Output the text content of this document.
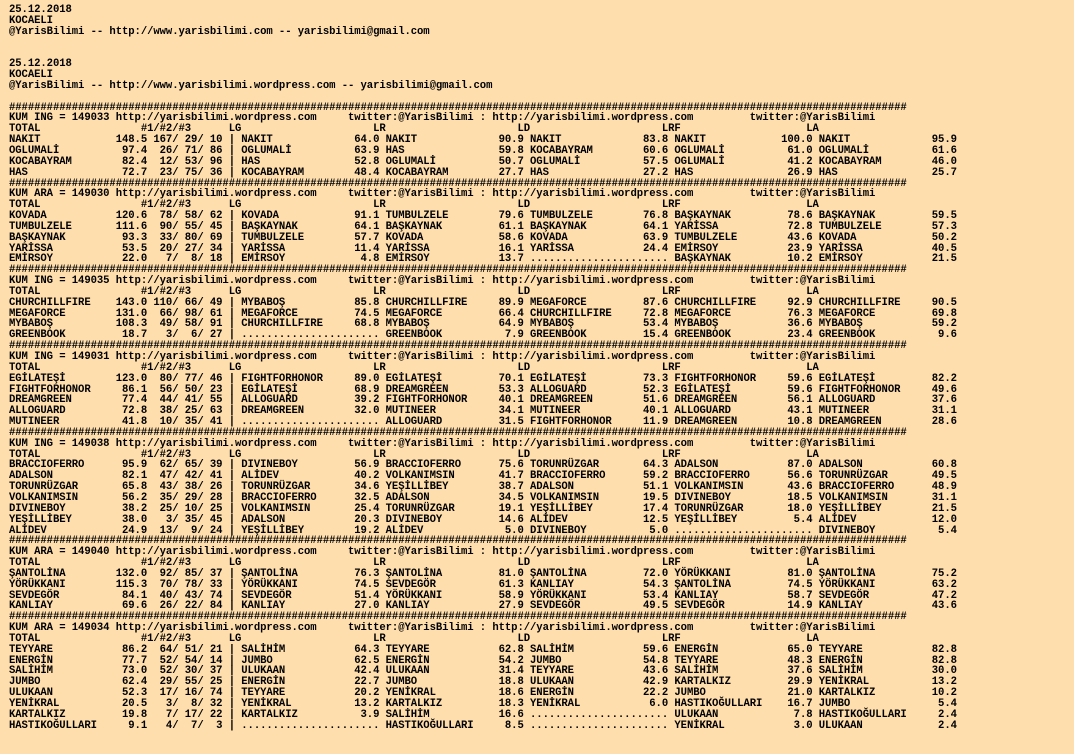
25.12.2018
KOCAELI
@YarisBilimi -- http://www.yarisbilimi.com -- yarisbilimi@gmail.com
25.12.2018
KOCAELI
@YarisBilimi -- http://www.yarisbilimi.wordpress.com -- yarisbilimi@gmail.com
###############################################################################################################################################
KUM ING = 149033 http://yarisbilimi.wordpress.com     twitter:@YarisBilimi : http://yarisbilimi.wordpress.com         twitter:@YarisBilimi
TOTAL                #1/#2/#3      LG                     LR                     LD                     LRF                    LA
NAKIT            148.5 167/ 29/ 10 | NAKIT             64.0 NAKIT             90.9 NAKIT             83.8 NAKIT            100.0 NAKIT             95.9
OGLUMALİ          97.4  26/ 71/ 86 | OGLUMALİ          63.9 HAS               59.8 KOCABAYRAM        60.6 OGLUMALİ          61.0 OGLUMALİ          61.6
KOCABAYRAM        82.4  12/ 53/ 96 | HAS               52.8 OGLUMALİ          50.7 OGLUMALİ          57.5 OGLUMALİ          41.2 KOCABAYRAM        46.0
HAS               72.7  23/ 75/ 36 | KOCABAYRAM        48.4 KOCABAYRAM        27.7 HAS               27.2 HAS               26.9 HAS               25.7
###############################################################################################################################################
KUM ARA = 149030 http://yarisbilimi.wordpress.com     twitter:@YarisBilimi : http://yarisbilimi.wordpress.com         twitter:@YarisBilimi
TOTAL                #1/#2/#3      LG                     LR                     LD                     LRF                    LA
KOVADA           120.6  78/ 58/ 62 | KOVADA            91.1 TUMBULZELE        79.6 TUMBULZELE        76.8 BAŞKAYNAK         78.6 BAŞKAYNAK         59.5
TUMBULZELE       111.6  90/ 55/ 45 | BAŞKAYNAK         64.1 BAŞKAYNAK         61.1 BAŞKAYNAK         64.1 YARİSSA           72.8 TUMBULZELE        57.3
BAŞKAYNAK         93.3  33/ 80/ 69 | TUMBULZELE        57.7 KOVADA            58.6 KOVADA            63.9 TUMBULZELE        43.6 KOVADA            50.2
YARİSSA           53.5  20/ 27/ 34 | YARİSSA           11.4 YARİSSA           16.1 YARİSSA           24.4 EMİRSOY           23.9 YARİSSA           40.5
EMİRSOY           22.0   7/  8/ 18 | EMİRSOY            4.8 EMİRSOY           13.7 ...................... BAŞKAYNAK         10.2 EMİRSOY           21.5
###############################################################################################################################################
KUM ING = 149035 http://yarisbilimi.wordpress.com     twitter:@YarisBilimi : http://yarisbilimi.wordpress.com         twitter:@YarisBilimi
TOTAL                #1/#2/#3      LG                     LR                     LD                     LRF                    LA
CHURCHILLFIRE    143.0 110/ 66/ 49 | MYBABOŞ           85.8 CHURCHILLFIRE     89.9 MEGAFORCE         87.6 CHURCHILLFIRE     92.9 CHURCHILLFIRE     90.5
MEGAFORCE        131.0  66/ 98/ 61 | MEGAFORCE         74.5 MEGAFORCE         66.4 CHURCHILLFIRE     72.8 MEGAFORCE         76.3 MEGAFORCE         69.8
MYBABOŞ          108.3  49/ 58/ 91 | CHURCHILLFIRE     68.8 MYBABOŞ           64.9 MYBABOŞ           53.4 MYBABOŞ           36.6 MYBABOŞ           59.2
GREENBOOK         18.7   3/  6/ 27 | ...................... GREENBOOK          7.9 GREENBOOK         15.4 GREENBOOK         23.4 GREENBOOK          9.6
###############################################################################################################################################
KUM ING = 149031 http://yarisbilimi.wordpress.com     twitter:@YarisBilimi : http://yarisbilimi.wordpress.com         twitter:@YarisBilimi
TOTAL                #1/#2/#3      LG                     LR                     LD                     LRF                    LA
EGİLATEŞİ        123.0  80/ 77/ 46 | FIGHTFORHONOR     89.0 EGİLATEŞİ         70.1 EGİLATEŞİ         73.3 FIGHTFORHONOR     59.6 EGİLATEŞİ         82.2
FIGHTFORHONOR     86.1  56/ 50/ 23 | EGİLATEŞİ         68.9 DREAMGREEN        53.3 ALLOGUARD         52.3 EGİLATEŞİ         59.6 FIGHTFORHONOR     49.6
DREAMGREEN        77.4  44/ 41/ 55 | ALLOGUARD         39.2 FIGHTFORHONOR     40.1 DREAMGREEN        51.6 DREAMGREEN        56.1 ALLOGUARD         37.6
ALLOGUARD         72.8  38/ 25/ 63 | DREAMGREEN        32.0 MUTINEER          34.1 MUTINEER          40.1 ALLOGUARD         43.1 MUTINEER          31.1
MUTINEER          41.8  10/ 35/ 41 | ...................... ALLOGUARD         31.5 FIGHTFORHONOR     11.9 DREAMGREEN        10.8 DREAMGREEN        28.6
###############################################################################################################################################
KUM ING = 149038 http://yarisbilimi.wordpress.com     twitter:@YarisBilimi : http://yarisbilimi.wordpress.com         twitter:@YarisBilimi
TOTAL                #1/#2/#3      LG                     LR                     LD                     LRF                    LA
BRACCIOFERRO      95.9  62/ 65/ 39 | DIVINEBOY         56.9 BRACCIOFERRO      75.6 TORUNRÜZGAR       64.3 ADALSON           87.0 ADALSON           60.8
ADALSON           82.1  47/ 42/ 41 | ALİDEV            40.2 VOLKANIMSIN       41.7 BRACCIOFERRO      59.2 BRACCIOFERRO      56.6 TORUNRÜZGAR       49.5
TORUNRÜZGAR       65.8  43/ 38/ 26 | TORUNRÜZGAR       34.6 YEŞİLLİBEY        38.7 ADALSON           51.1 VOLKANIMSIN       43.6 BRACCIOFERRO      48.9
VOLKANIMSIN       56.2  35/ 29/ 28 | BRACCIOFERRO      32.5 ADALSON           34.5 VOLKANIMSIN       19.5 DIVINEBOY         18.5 VOLKANIMSIN       31.1
DIVINEBOY         38.2  25/ 10/ 25 | VOLKANIMSIN       25.4 TORUNRÜZGAR       19.1 YEŞİLLİBEY        17.4 TORUNRÜZGAR       18.0 YEŞİLLİBEY        21.5
YEŞİLLİBEY        38.0   3/ 35/ 45 | ADALSON           20.3 DIVINEBOY         14.6 ALİDEV            12.5 YEŞİLLİBEY         5.4 ALİDEV            12.0
ALİDEV            24.9  13/  9/ 24 | YEŞİLLİBEY        19.2 ALİDEV             5.0 DIVINEBOY          5.0 ...................... DIVINEBOY          5.4
###############################################################################################################################################
KUM ARA = 149040 http://yarisbilimi.wordpress.com     twitter:@YarisBilimi : http://yarisbilimi.wordpress.com         twitter:@YarisBilimi
TOTAL                #1/#2/#3      LG                     LR                     LD                     LRF                    LA
ŞANTOLİNA        132.0  92/ 85/ 37 | ŞANTOLİNA         76.3 ŞANTOLİNA         81.0 ŞANTOLİNA         72.0 YÖRÜKKANI         81.0 ŞANTOLİNA         75.2
YÖRÜKKANI        115.3  70/ 78/ 33 | YÖRÜKKANI         74.5 SEVDEGÖR          61.3 KANLIAY           54.3 ŞANTOLİNA         74.5 YÖRÜKKANI         63.2
SEVDEGÖR          84.1  40/ 43/ 74 | SEVDEGÖR          51.4 YÖRÜKKANI         58.9 YÖRÜKKANI         53.4 KANLIAY           58.7 SEVDEGÖR          47.2
KANLIAY           69.6  26/ 22/ 84 | KANLIAY           27.0 KANLIAY           27.9 SEVDEGÖR          49.5 SEVDEGÖR          14.9 KANLIAY           43.6
###############################################################################################################################################
KUM ARA = 149034 http://yarisbilimi.wordpress.com     twitter:@YarisBilimi : http://yarisbilimi.wordpress.com         twitter:@YarisBilimi
TOTAL                #1/#2/#3      LG                     LR                     LD                     LRF                    LA
TEYYARE           86.2  64/ 51/ 21 | SALİHİM           64.3 TEYYARE           62.8 SALİHİM           59.6 ENERGİN           65.0 TEYYARE           82.8
ENERGİN           77.7  52/ 54/ 14 | JUMBO             62.5 ENERGİN           54.2 JUMBO             54.8 TEYYARE           48.3 ENERGİN           82.8
SALİHİM           73.0  52/ 30/ 37 | ULUKAAN           42.4 ULUKAAN           31.4 TEYYARE           43.6 SALİHİM           37.6 SALİHİM           30.0
JUMBO             62.4  29/ 55/ 25 | ENERGİN           22.7 JUMBO             18.8 ULUKAAN           42.9 KARTALKIZ         29.9 YENİKRAL          13.2
ULUKAAN           52.3  17/ 16/ 74 | TEYYARE           20.2 YENİKRAL          18.6 ENERGİN           22.2 JUMBO             21.0 KARTALKIZ         10.2
YENİKRAL          20.5   3/  8/ 32 | YENİKRAL          13.2 KARTALKIZ         18.3 YENİKRAL           6.0 HASTIKOĞULLARI    16.7 JUMBO              5.4
KARTALKIZ         19.8   7/ 17/ 22 | KARTALKIZ          3.9 SALİHİM           16.6 ...................... ULUKAAN            7.8 HASTIKOĞULLARI     2.4
HASTIKOĞULLARI     9.1   4/  7/  3 | ...................... HASTIKOĞULLARI     8.5 ...................... YENİKRAL           3.0 ULUKAAN            2.4
